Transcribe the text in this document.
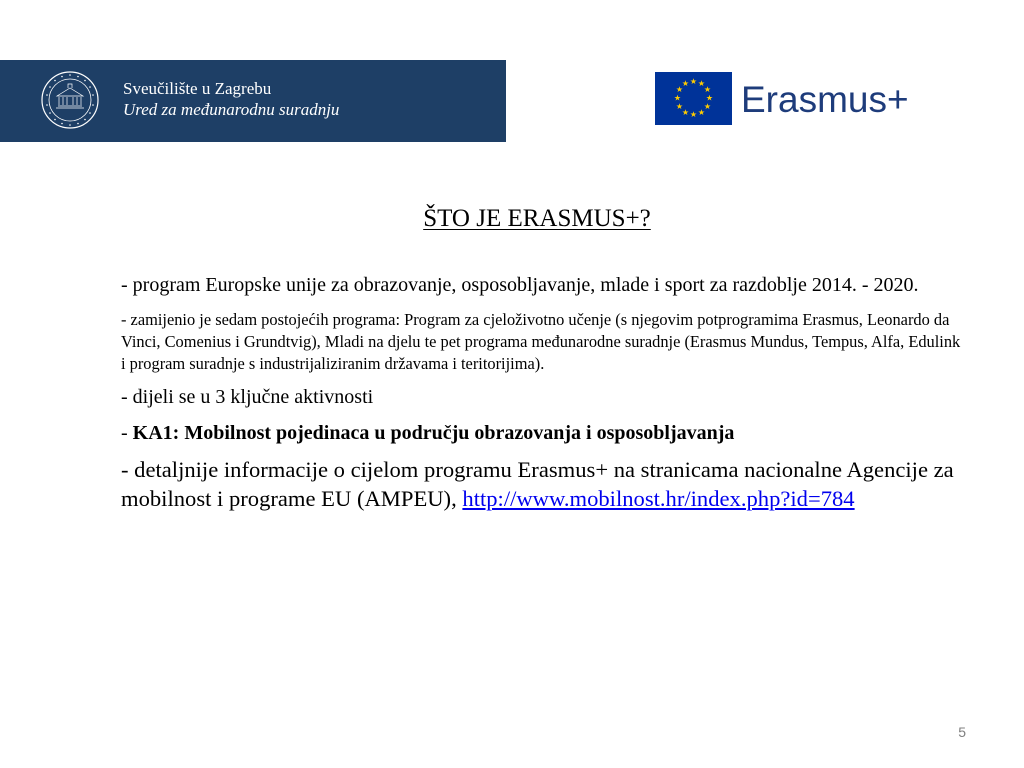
Sveučilište u Zagrebu
Ured za međunarodnu suradnju
★ ★
★
★
★
★
★
★
★
★
★
★ Erasmus+
ŠTO JE ERASMUS+?

- program Europske unije za obrazovanje, osposobljavanje, mlade i sport za razdoblje 2014. - 2020.

- zamijenio je sedam postojećih programa: Program za cjeloživotno učenje (s njegovim potprogramima Erasmus, Leonardo da Vinci, Comenius i Grundtvig), Mladi na djelu te pet programa međunarodne suradnje (Erasmus Mundus, Tempus, Alfa, Edulink i program suradnje s industrijaliziranim državama i teritorijima).

- dijeli se u 3 ključne aktivnosti

- KA1: Mobilnost pojedinaca u području obrazovanja i osposobljavanja

- detaljnije informacije o cijelom programu Erasmus+ na stranicama nacionalne Agencije za mobilnost i programe EU (AMPEU), http://www.mobilnost.hr/index.php?id=784

5
